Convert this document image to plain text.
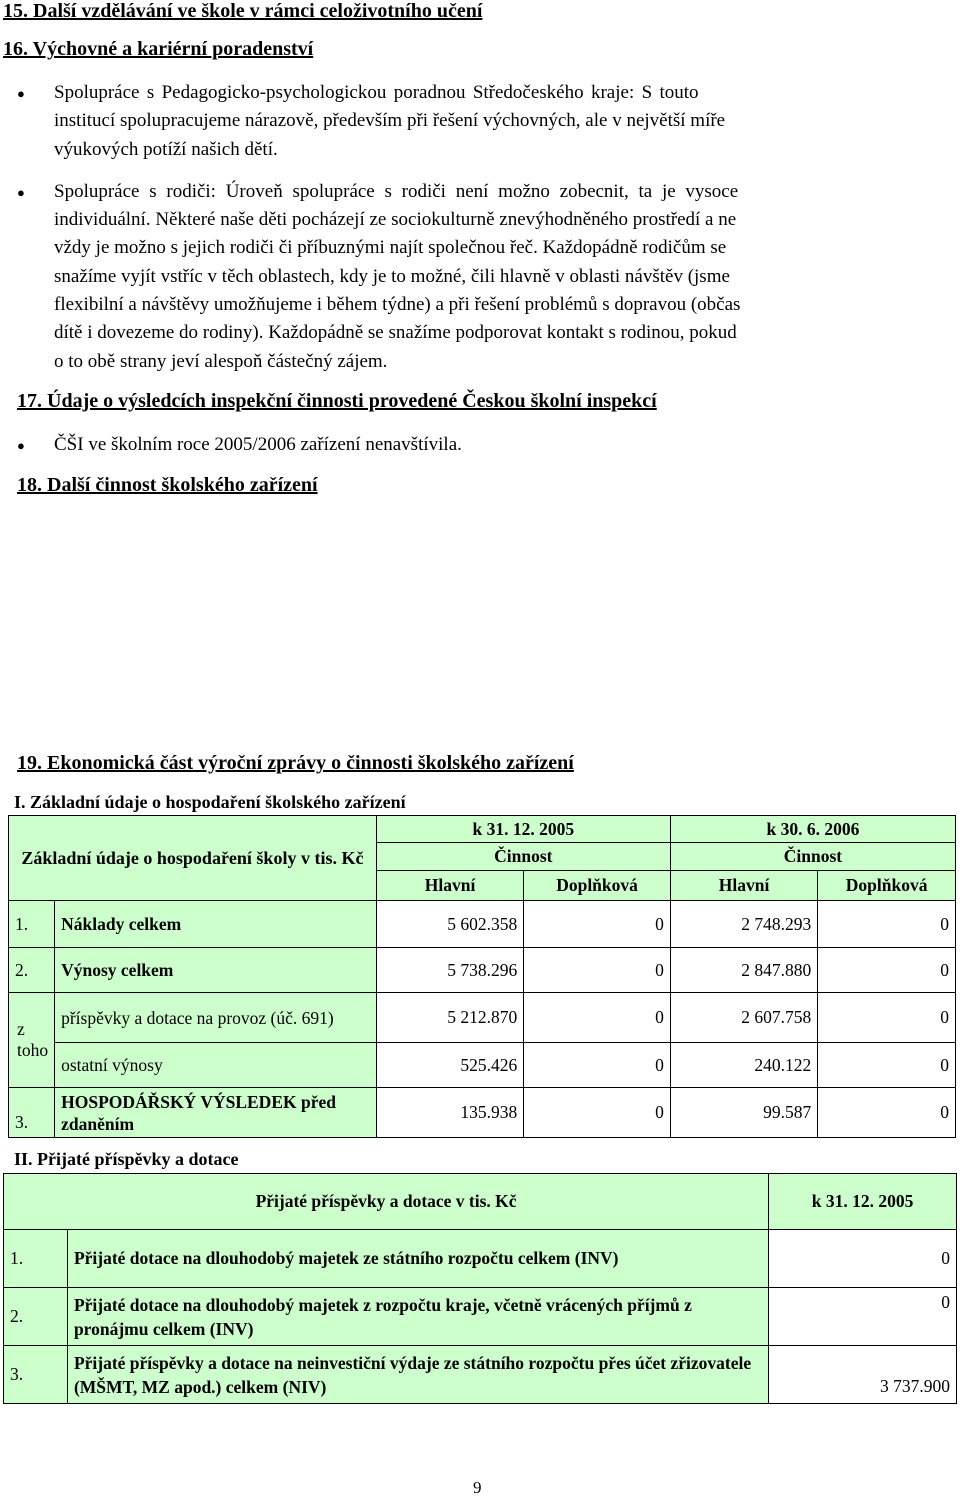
15. Další vzdělávání ve škole v rámci celoživotního učení
16. Výchovné a kariérní poradenství
● Spolupráce s Pedagogicko-psychologickou poradnou Středočeského kraje: S touto
institucí spolupracujeme nárazově, především při řešení výchovných, ale v největší míře
výukových potíží našich dětí.
● Spolupráce s rodiči: Úroveň spolupráce s rodiči není možno zobecnit, ta je vysoce
individuální. Některé naše děti pocházejí ze sociokulturně znevýhodněného prostředí a ne
vždy je možno s jejich rodiči či příbuznými najít společnou řeč. Každopádně rodičům se
snažíme vyjít vstříc v těch oblastech, kdy je to možné, čili hlavně v oblasti návštěv (jsme
flexibilní a návštěvy umožňujeme i během týdne) a při řešení problémů s dopravou (občas
dítě i dovezeme do rodiny). Každopádně se snažíme podporovat kontakt s rodinou, pokud
o to obě strany jeví alespoň částečný zájem.
17. Údaje o výsledcích inspekční činnosti provedené Českou školní inspekcí
● ČŠI ve školním roce 2005/2006 zařízení nenavštívila.
18. Další činnost školského zařízení
19. Ekonomická část výroční zprávy o činnosti školského zařízení
I. Základní údaje o hospodaření školského zařízení
Základní údaje o hospodaření školy v tis. Kč		k 31. 12. 2005		k 30. 6. 2006	
		Činnost		Činnost	
		Hlavní	Doplňková	Hlavní	Doplňková
1.	Náklady celkem	5 602.358	0	2 748.293	0
2.	Výnosy celkem	5 738.296	0	2 847.880	0
z toho	příspěvky a dotace na provoz (úč. 691)	5 212.870	0	2 607.758	0
	ostatní výnosy	525.426	0	240.122	0
3.	HOSPODÁŘSKÝ VÝSLEDEK před zdaněním	135.938	0	99.587	0
II. Přijaté příspěvky a dotace
Přijaté příspěvky a dotace v tis. Kč		k 31. 12. 2005
1.	Přijaté dotace na dlouhodobý majetek ze státního rozpočtu celkem (INV)	0
2.	Přijaté dotace na dlouhodobý majetek z rozpočtu kraje, včetně vrácených příjmů z pronájmu celkem (INV)	0
3.	Přijaté příspěvky a dotace na neinvestiční výdaje ze státního rozpočtu přes účet zřizovatele (MŠMT, MZ apod.) celkem (NIV)	3 737.900
9
